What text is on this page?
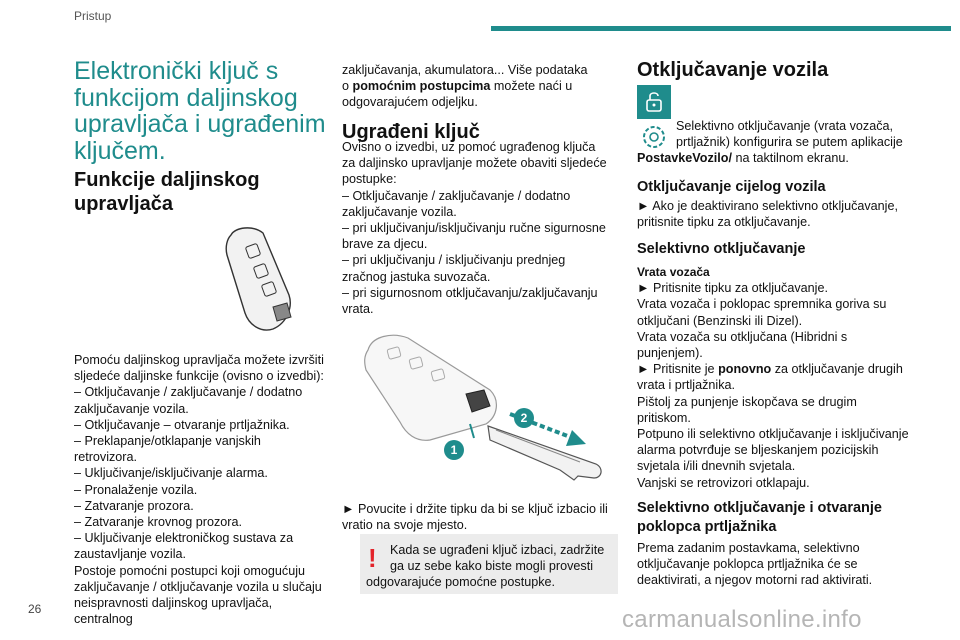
Pristup
Elektronički ključ s funkcijom daljinskog upravljača i ugrađenim ključem.
Funkcije daljinskog upravljača

Pomoću daljinskog upravljača možete izvršiti

sljedeće daljinske funkcije (ovisno o izvedbi):

– Otključavanje / zaključavanje / dodatno

zaključavanje vozila.

– Otključavanje – otvaranje prtljažnika.

– Preklapanje/otklapanje vanjskih retrovizora.

– Uključivanje/isključivanje alarma.

– Pronalaženje vozila.

– Zatvaranje prozora.

– Zatvaranje krovnog prozora.

– Uključivanje elektroničkog sustava za

zaustavljanje vozila.

Postoje pomoćni postupci koji omogućuju

zaključavanje / otključavanje vozila u slučaju

neispravnosti daljinskog upravljača, centralnog

zaključavanja, akumulatora... Više podataka

o pomoćnim postupcima možete naći u

odgovarajućem odjeljku.

Ugrađeni ključ

Ovisno o izvedbi, uz pomoć ugrađenog ključa

za daljinsko upravljanje možete obaviti sljedeće

postupke:

– Otključavanje / zaključavanje / dodatno

zaključavanje vozila.

– pri uključivanju/isključivanju ručne sigurnosne

brave za djecu.

– pri uključivanju / isključivanju prednjeg

zračnog jastuka suvozača.

– pri sigurnosnom otključavanju/zaključavanju

vrata.

2
1

► Povucite i držite tipku da bi se ključ izbacio ili

vratio na svoje mjesto.

!	Kada se ugrađeni ključ izbaci, zadržite

ga uz sebe kako biste mogli provesti

odgovarajuće pomoćne postupke.

Otključavanje vozila

Selektivno otključavanje (vrata vozača,

prtljažnik) konfigurira se putem aplikacije

PostavkeVozilo/ na taktilnom ekranu.

Otključavanje cijelog vozila

► Ako je deaktivirano selektivno otključavanje,

pritisnite tipku za otključavanje.

Selektivno otključavanje

Vrata vozača

► Pritisnite tipku za otključavanje.

Vrata vozača i poklopac spremnika goriva su

otključani (Benzinski ili Dizel).

Vrata vozača su otključana (Hibridni s

punjenjem).

► Pritisnite je ponovno za otključavanje drugih

vrata i prtljažnika.

Pištolj za punjenje iskopčava se drugim

pritiskom.

Potpuno ili selektivno otključavanje i isključivanje

alarma potvrđuje se bljeskanjem pozicijskih

svjetala i/ili dnevnih svjetala.

Vanjski se retrovizori otklapaju.

Selektivno otključavanje i otvaranje

poklopca prtljažnika

Prema zadanim postavkama, selektivno

otključavanje poklopca prtljažnika će se

deaktivirati, a njegov motorni rad aktivirati.

26	carmanualsonline.info
